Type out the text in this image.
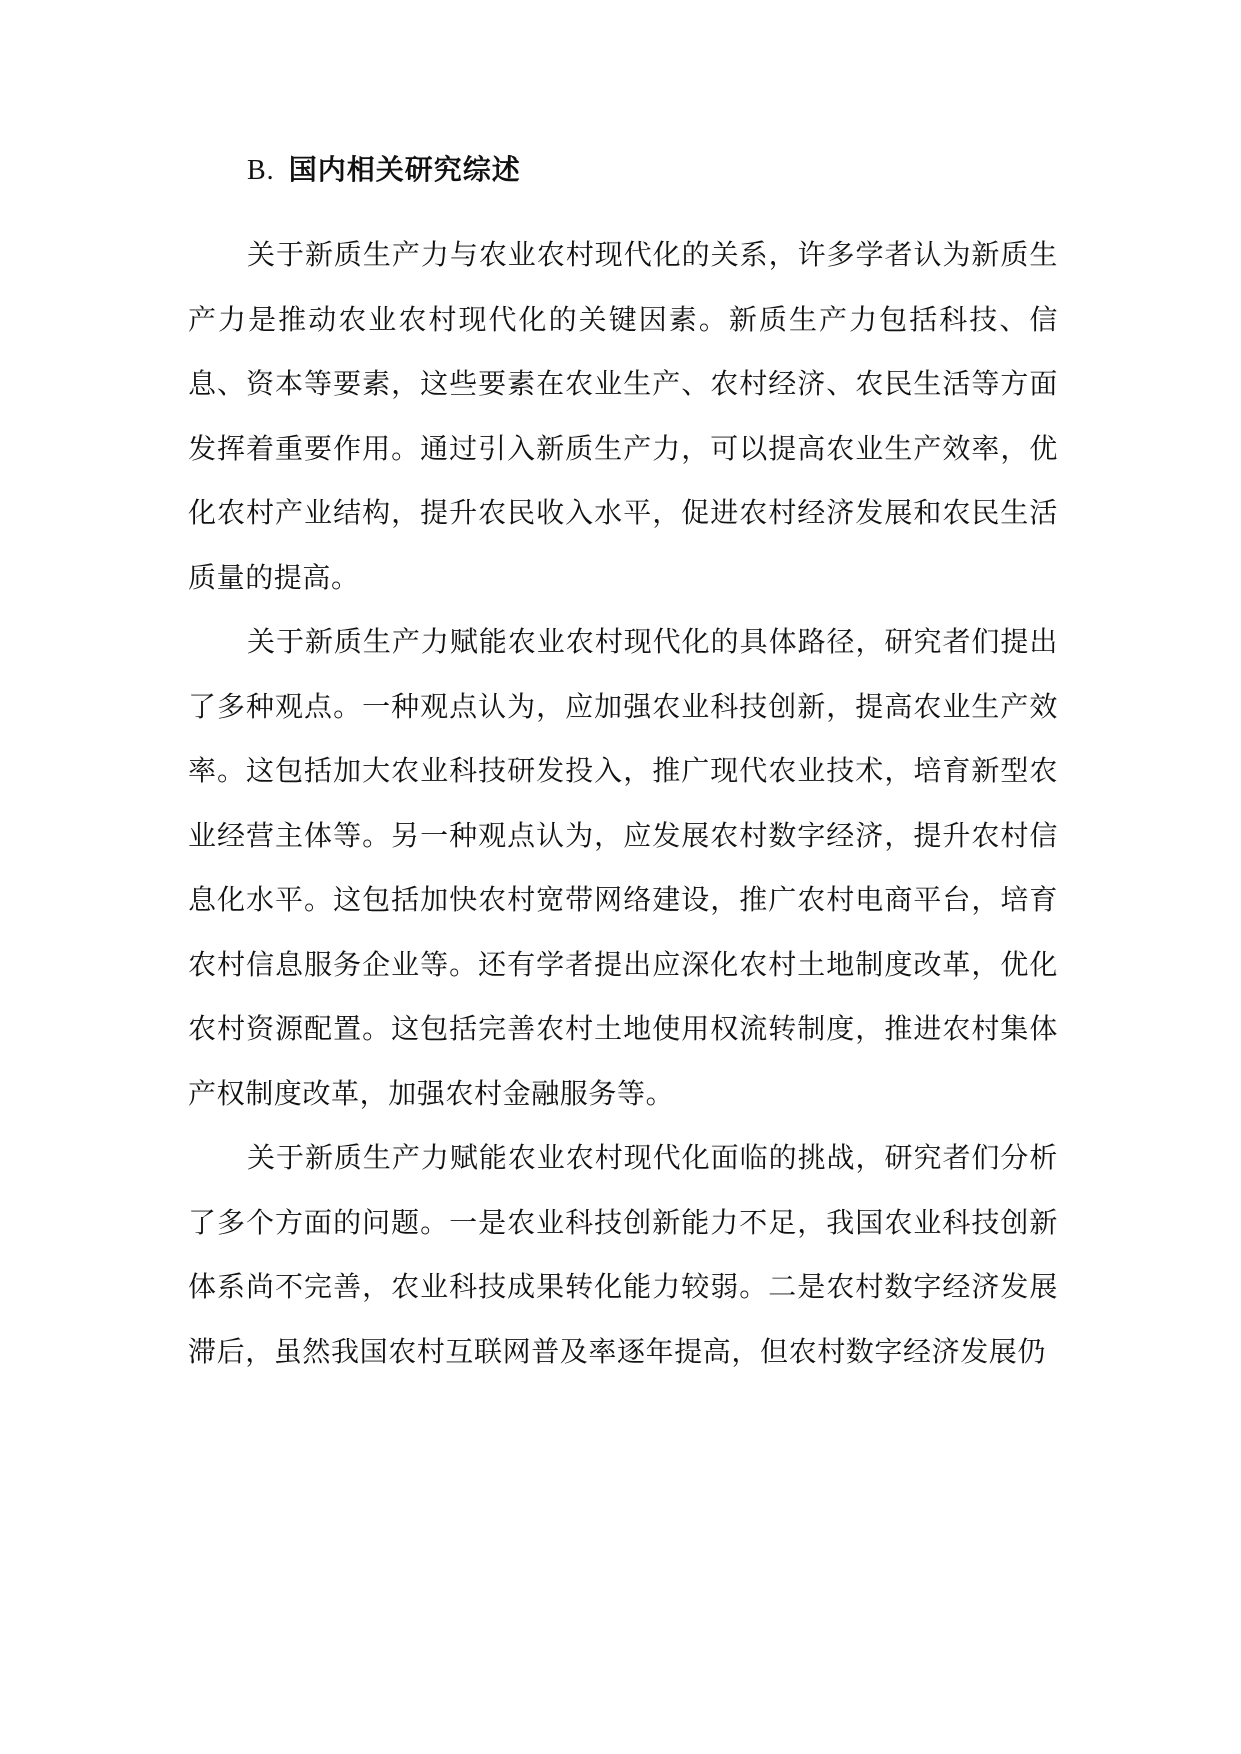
B. 国内相关研究综述

关于新质生产力与农业农村现代化的关系，许多学者认为新质生产力是推动农业农村现代化的关键因素。新质生产力包括科技、信息、资本等要素，这些要素在农业生产、农村经济、农民生活等方面发挥着重要作用。通过引入新质生产力，可以提高农业生产效率，优化农村产业结构，提升农民收入水平，促进农村经济发展和农民生活质量的提高。

关于新质生产力赋能农业农村现代化的具体路径，研究者们提出了多种观点。一种观点认为，应加强农业科技创新，提高农业生产效率。这包括加大农业科技研发投入，推广现代农业技术，培育新型农业经营主体等。另一种观点认为，应发展农村数字经济，提升农村信息化水平。这包括加快农村宽带网络建设，推广农村电商平台，培育农村信息服务企业等。还有学者提出应深化农村土地制度改革，优化农村资源配置。这包括完善农村土地使用权流转制度，推进农村集体产权制度改革，加强农村金融服务等。

关于新质生产力赋能农业农村现代化面临的挑战，研究者们分析了多个方面的问题。一是农业科技创新能力不足，我国农业科技创新体系尚不完善，农业科技成果转化能力较弱。二是农村数字经济发展滞后，虽然我国农村互联网普及率逐年提高，但农村数字经济发展仍
